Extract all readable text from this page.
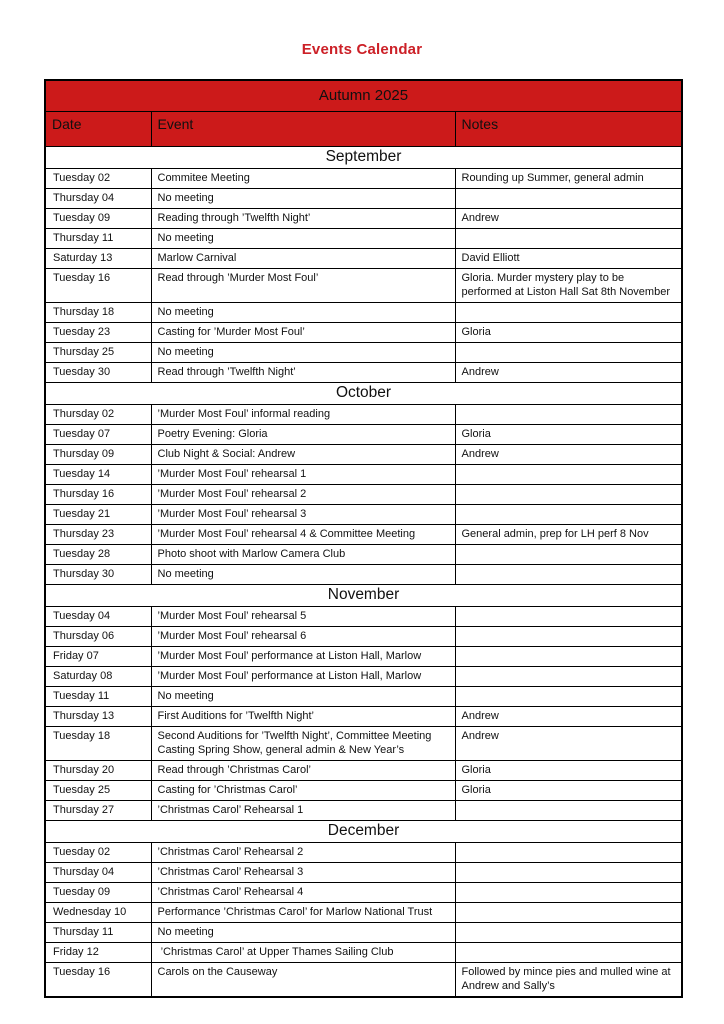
Events Calendar
Autumn 2025		
Date	Event	Notes
September		
Tuesday 02	Commitee Meeting	Rounding up Summer, general admin
Thursday 04	No meeting	
Tuesday 09	Reading through ’Twelfth Night’	Andrew
Thursday 11	No meeting	
Saturday 13	Marlow Carnival	David Elliott
Tuesday 16	Read through ’Murder Most Foul’	Gloria. Murder mystery play to be performed at Liston Hall Sat 8th November
Thursday 18	No meeting	
Tuesday 23	Casting for ’Murder Most Foul’	Gloria
Thursday 25	No meeting	
Tuesday 30	Read through ’Twelfth Night’	Andrew
October		
Thursday 02	’Murder Most Foul’ informal reading	
Tuesday 07	Poetry Evening: Gloria	Gloria
Thursday 09	Club Night & Social: Andrew	Andrew
Tuesday 14	’Murder Most Foul’ rehearsal 1	
Thursday 16	’Murder Most Foul’ rehearsal 2	
Tuesday 21	’Murder Most Foul’ rehearsal 3	
Thursday 23	’Murder Most Foul’ rehearsal 4 & Committee Meeting	General admin, prep for LH perf 8 Nov
Tuesday 28	Photo shoot with Marlow Camera Club	
Thursday 30	No meeting	
November		
Tuesday 04	’Murder Most Foul’ rehearsal 5	
Thursday 06	’Murder Most Foul’ rehearsal 6	
Friday 07	’Murder Most Foul’ performance at Liston Hall, Marlow	
Saturday 08	’Murder Most Foul’ performance at Liston Hall, Marlow	
Tuesday 11	No meeting	
Thursday 13	First Auditions for ’Twelfth Night’	Andrew
Tuesday 18	Second Auditions for ’Twelfth Night’, Committee Meeting Casting Spring Show, general admin & New Year’s	Andrew
Thursday 20	Read through ’Christmas Carol’	Gloria
Tuesday 25	Casting for ’Christmas Carol’	Gloria
Thursday 27	’Christmas Carol’ Rehearsal 1	
December		
Tuesday 02	’Christmas Carol’ Rehearsal 2	
Thursday 04	’Christmas Carol’ Rehearsal 3	
Tuesday 09	’Christmas Carol’ Rehearsal 4	
Wednesday 10	Performance ’Christmas Carol’ for Marlow National Trust	
Thursday 11	No meeting	
Friday 12	’Christmas Carol’ at Upper Thames Sailing Club	
Tuesday 16	Carols on the Causeway	Followed by mince pies and mulled wine at Andrew and Sally’s
